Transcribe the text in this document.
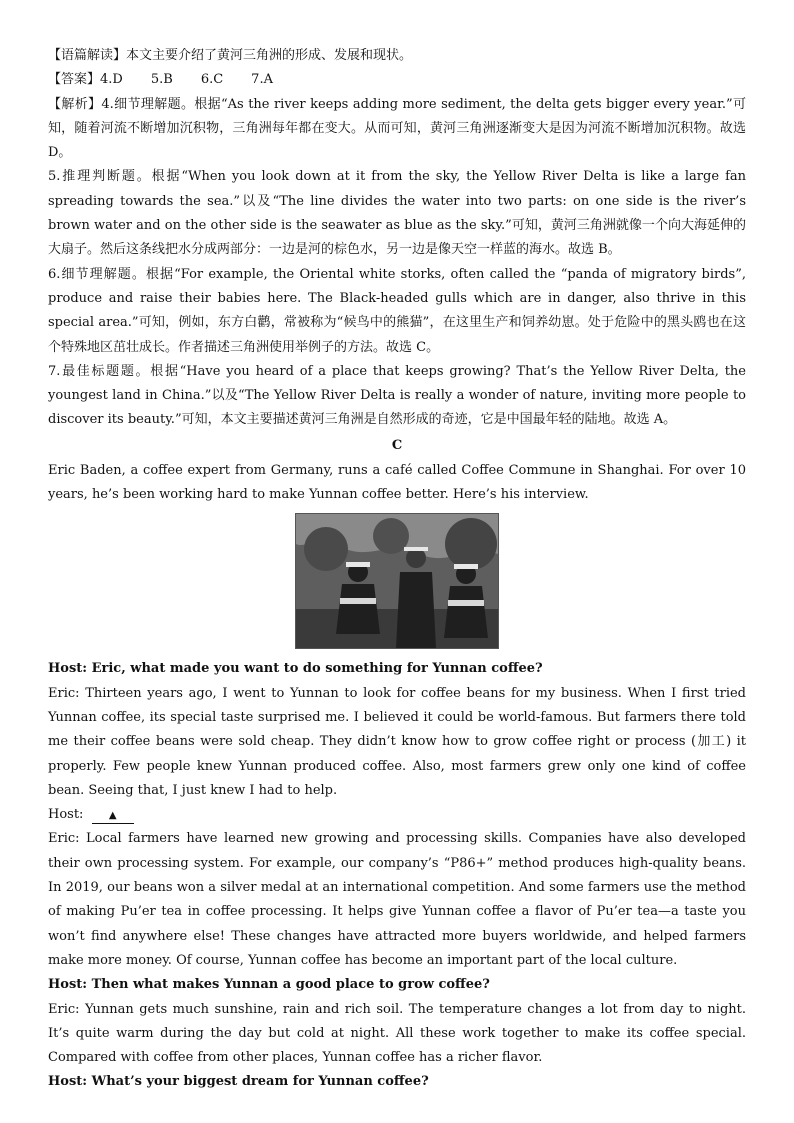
【语篇解读】本文主要介绍了黄河三角洲的形成、发展和现状。

【答案】4.D 5.B 6.C 7.A

【解析】4.细节理解题。根据“As the river keeps adding more sediment, the delta gets bigger every year.”可知，随着河流不断增加沉积物，三角洲每年都在变大。从而可知，黄河三角洲逐渐变大是因为河流不断增加沉积物。故选 D。

5.推理判断题。根据“When you look down at it from the sky, the Yellow River Delta is like a large fan spreading towards the sea.”以及“The line divides the water into two parts: on one side is the river’s brown water and on the other side is the seawater as blue as the sky.”可知，黄河三角洲就像一个向大海延伸的大扇子。然后这条线把水分成两部分：一边是河的棕色水，另一边是像天空一样蓝的海水。故选 B。

6.细节理解题。根据“For example, the Oriental white storks, often called the “panda of migratory birds”, produce and raise their babies here. The Black-headed gulls which are in danger, also thrive in this special area.”可知，例如，东方白鹳，常被称为“候鸟中的熊猫”，在这里生产和饲养幼崽。处于危险中的黑头鸥也在这个特殊地区茁壮成长。作者描述三角洲使用举例子的方法。故选 C。

7.最佳标题题。根据“Have you heard of a place that keeps growing? That’s the Yellow River Delta, the youngest land in China.”以及“The Yellow River Delta is really a wonder of nature, inviting more people to discover its beauty.”可知，本文主要描述黄河三角洲是自然形成的奇迹，它是中国最年轻的陆地。故选 A。

C

Eric Baden, a coffee expert from Germany, runs a café called Coffee Commune in Shanghai. For over 10 years, he’s been working hard to make Yunnan coffee better. Here’s his interview.

Host: Eric, what made you want to do something for Yunnan coffee?

Eric: Thirteen years ago, I went to Yunnan to look for coffee beans for my business. When I first tried Yunnan coffee, its special taste surprised me. I believed it could be world-famous. But farmers there told me their coffee beans were sold cheap. They didn’t know how to grow coffee right or process (加工) it properly. Few people knew Yunnan produced coffee. Also, most farmers grew only one kind of coffee bean. Seeing that, I just knew I had to help.

Host:	▲

Eric: Local farmers have learned new growing and processing skills. Companies have also developed their own processing system. For example, our company’s “P86+” method produces high-quality beans. In 2019, our beans won a silver medal at an international competition. And some farmers use the method of making Pu’er tea in coffee processing. It helps give Yunnan coffee a flavor of Pu’er tea—a taste you won’t find anywhere else! These changes have attracted more buyers worldwide, and helped farmers make more money. Of course, Yunnan coffee has become an important part of the local culture.

Host: Then what makes Yunnan a good place to grow coffee?

Eric: Yunnan gets much sunshine, rain and rich soil. The temperature changes a lot from day to night. It’s quite warm during the day but cold at night. All these work together to make its coffee special. Compared with coffee from other places, Yunnan coffee has a richer flavor.

Host: What’s your biggest dream for Yunnan coffee?
